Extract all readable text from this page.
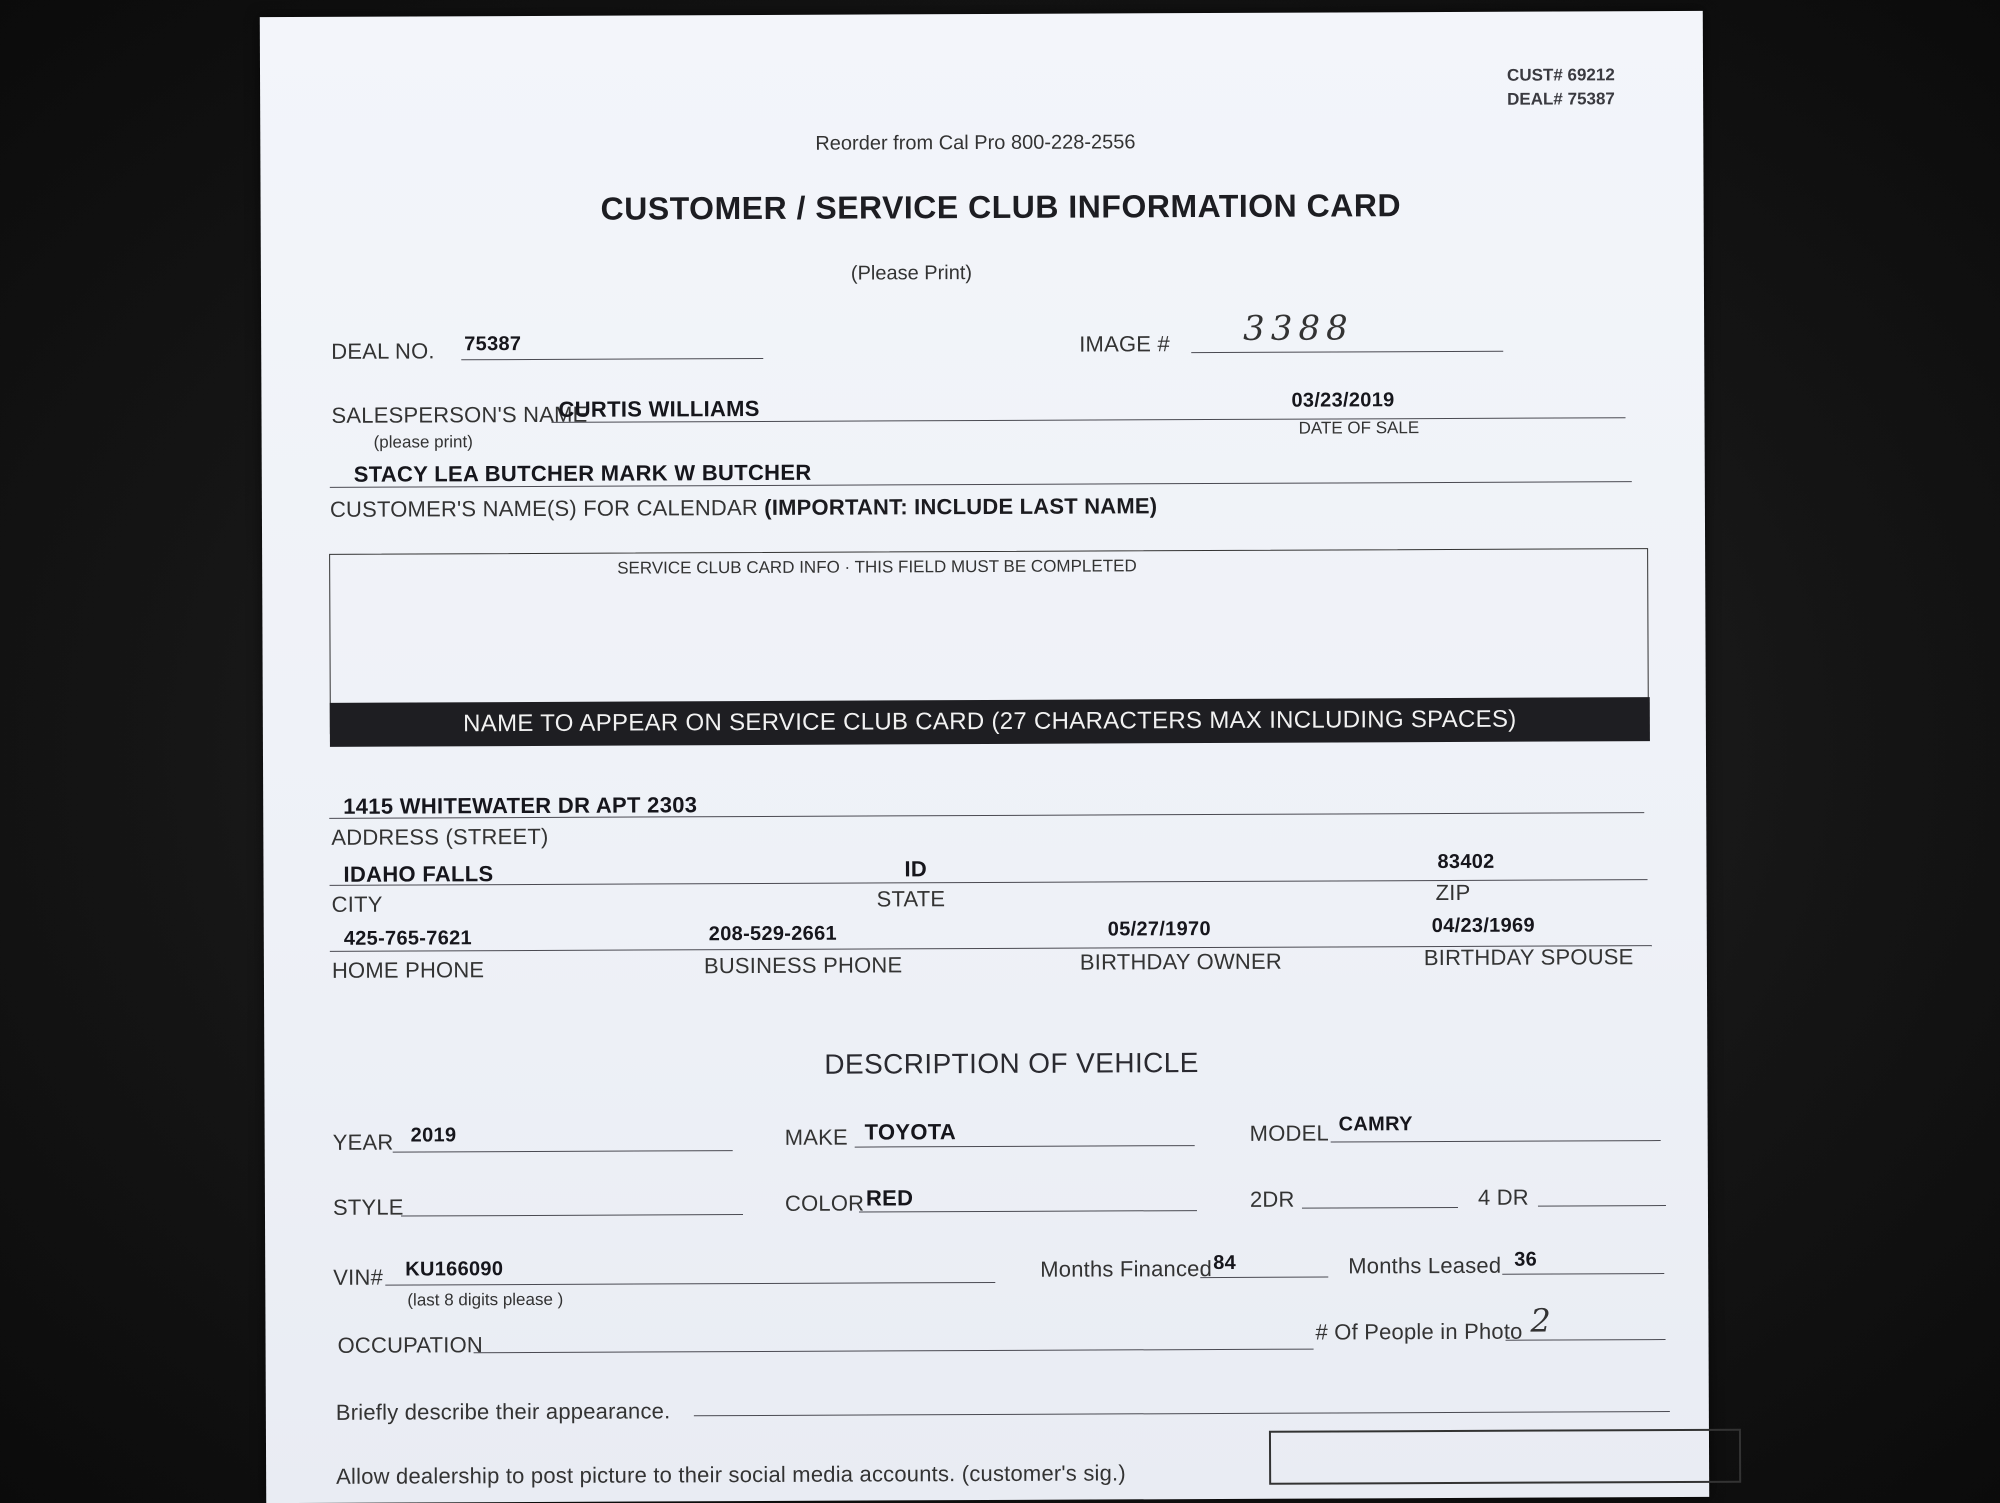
CUST# 69212
DEAL# 75387
Reorder from Cal Pro 800-228-2556
CUSTOMER / SERVICE CLUB INFORMATION CARD
(Please Print)
DEAL NO. 75387	IMAGE # 3388
SALESPERSON'S NAME
(please print)
CURTIS WILLIAMS	03/23/2019
DATE OF SALE
STACY LEA BUTCHER MARK W BUTCHER
CUSTOMER'S NAME(S) FOR CALENDAR (IMPORTANT: INCLUDE LAST NAME)
SERVICE CLUB CARD INFO · THIS FIELD MUST BE COMPLETED
NAME TO APPEAR ON SERVICE CLUB CARD (27 CHARACTERS MAX INCLUDING SPACES)
1415 WHITEWATER DR APT 2303
ADDRESS (STREET)
IDAHO FALLS	ID	83402
CITY	STATE	ZIP
425-765-7621	208-529-2661	05/27/1970	04/23/1969
HOME PHONE	BUSINESS PHONE	BIRTHDAY OWNER	BIRTHDAY SPOUSE
DESCRIPTION OF VEHICLE
YEAR 2019	MAKE TOYOTA	MODEL CAMRY
STYLE	COLOR RED	2DR	4 DR
VIN# KU166090
(last 8 digits please )
Months Financed 84	Months Leased 36
OCCUPATION
# Of People in Photo 2
Briefly describe their appearance.
Allow dealership to post picture to their social media accounts. (customer's sig.)
